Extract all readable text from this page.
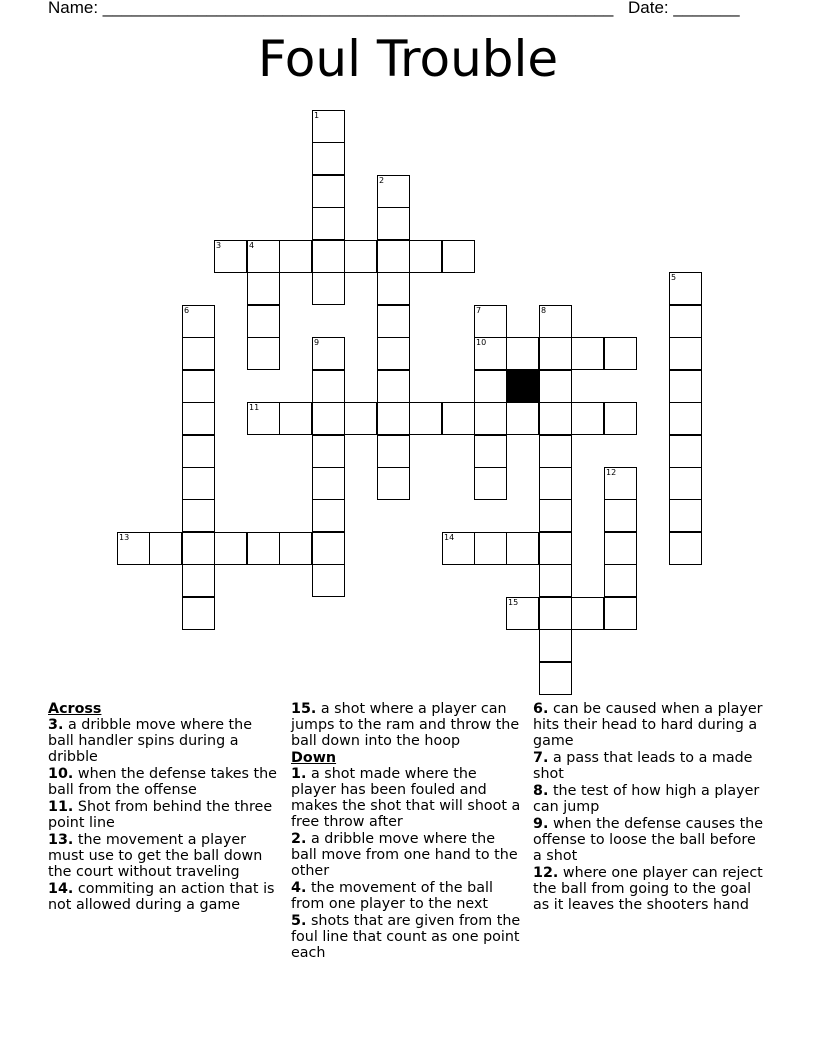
Name: ______________________________________________________ Date: _______
Foul Trouble
1
2
3	4
5
6	7
10
8
9
11
12
13	14
15

Across

3. a dribble move where the ball handler spins during a dribble

10. when the defense takes the ball from the offense

11. Shot from behind the three point line

13. the movement a player must use to get the ball down the court without traveling

14. commiting an action that is not allowed during a game

15. a shot where a player can jumps to the ram and throw the ball down into the hoop

Down

1. a shot made where the player has been fouled and makes the shot that will shoot a free throw after

2. a dribble move where the ball move from one hand to the other

4. the movement of the ball from one player to the next

5. shots that are given from the foul line that count as one point each

6. can be caused when a player hits their head to hard during a game

7. a pass that leads to a made shot

8. the test of how high a player can jump

9. when the defense causes the offense to loose the ball before a shot

12. where one player can reject the ball from going to the goal as it leaves the shooters hand
